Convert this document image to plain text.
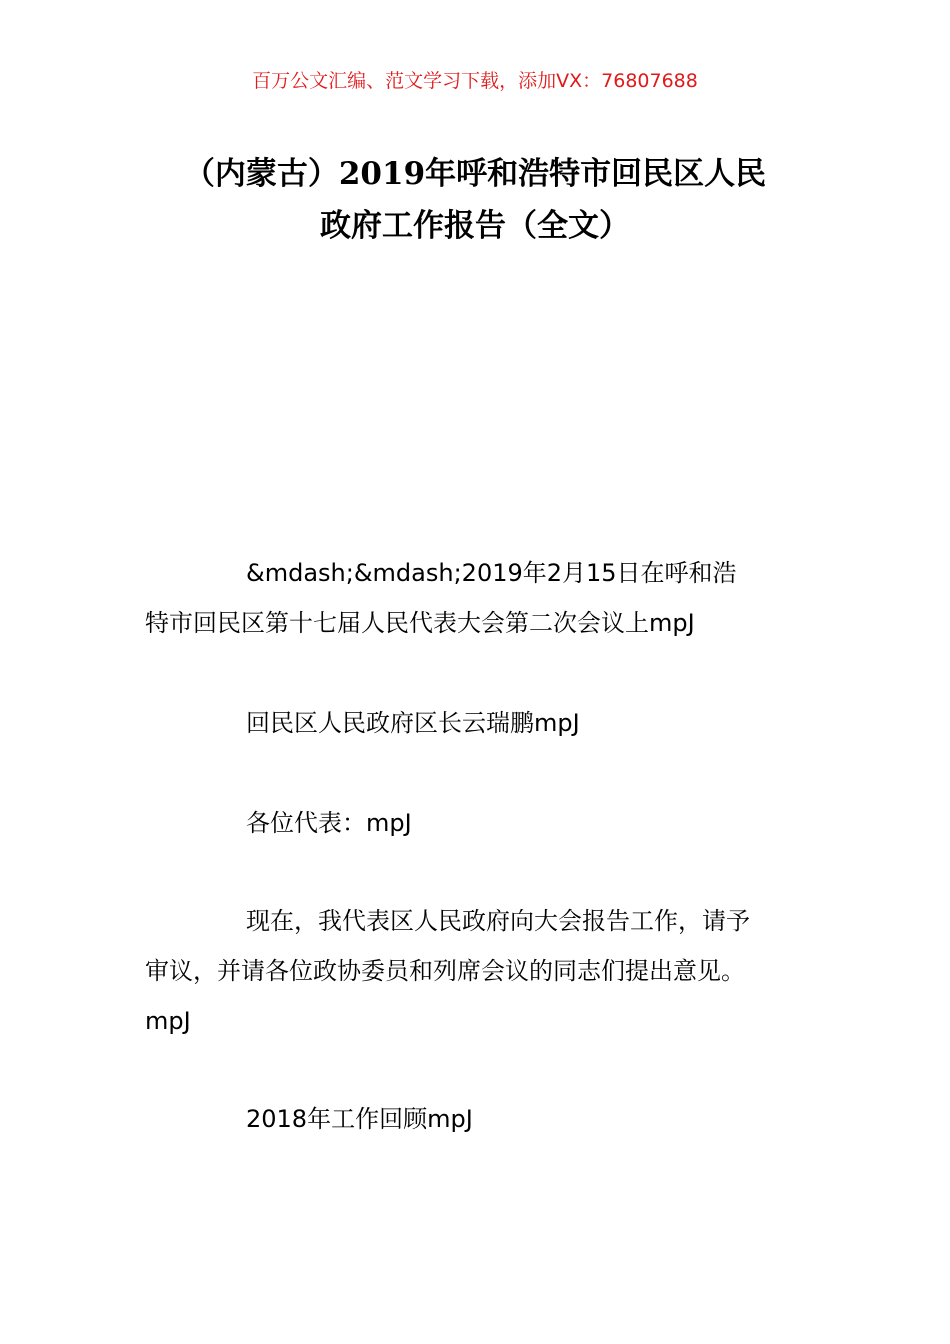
百万公文汇编、范文学习下载，添加VX：76807688
（内蒙古）2019年呼和浩特市回民区人民
政府工作报告（全文）
&mdash;&mdash;2019年2月15日在呼和浩
特市回民区第十七届人民代表大会第二次会议上mpJ
回民区人民政府区长云瑞鹏mpJ
各位代表：mpJ
现在，我代表区人民政府向大会报告工作，请予
审议，并请各位政协委员和列席会议的同志们提出意见。
mpJ
2018年工作回顾mpJ
